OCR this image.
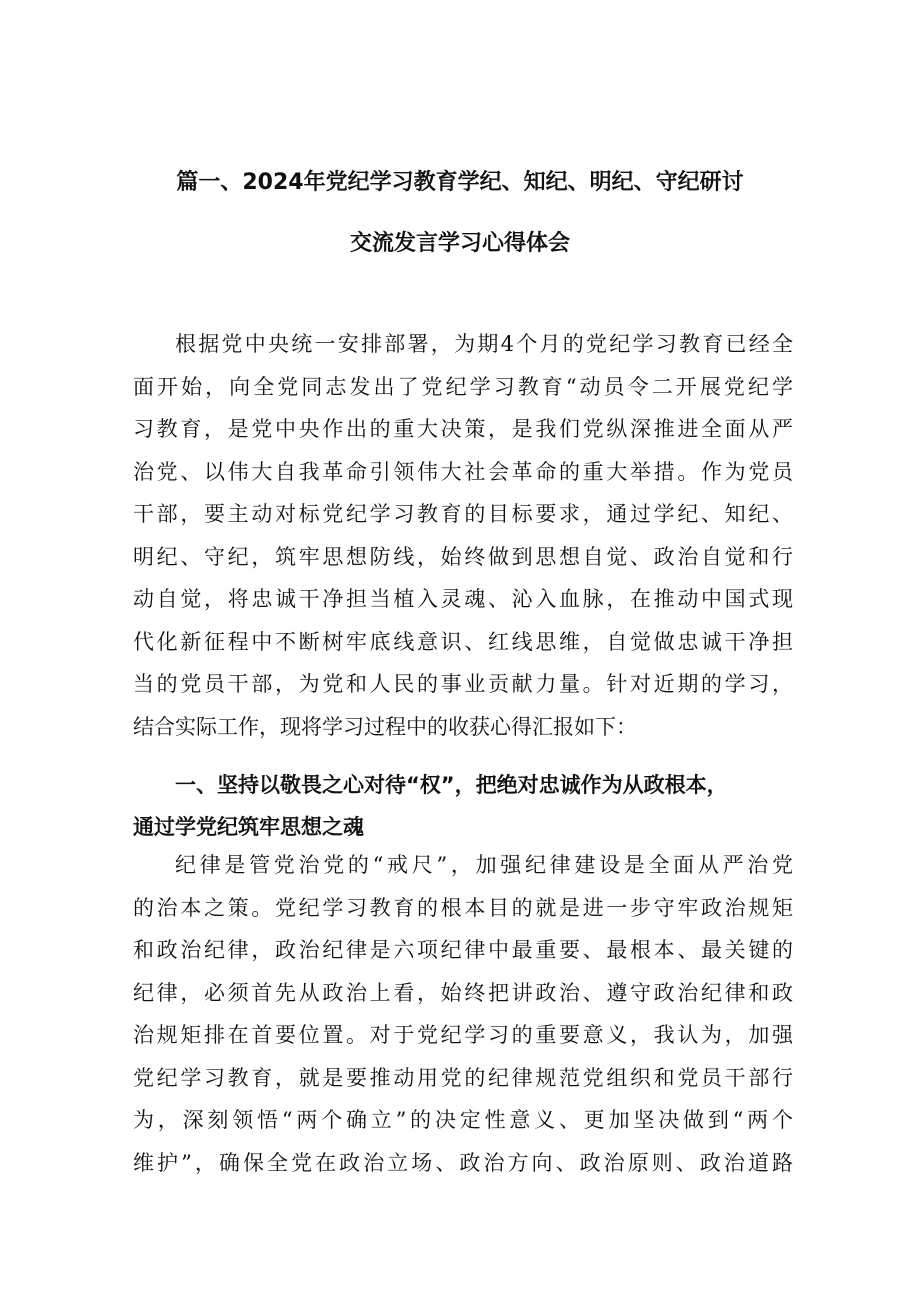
篇一、2024年党纪学习教育学纪、知纪、明纪、守纪研讨
交流发言学习心得体会
根据党中央统一安排部署，为期4个月的党纪学习教育已经全
面开始，向全党同志发出了党纪学习教育“动员令二开展党纪学
习教育，是党中央作出的重大决策，是我们党纵深推进全面从严
治党、以伟大自我革命引领伟大社会革命的重大举措。作为党员
干部，要主动对标党纪学习教育的目标要求，通过学纪、知纪、
明纪、守纪，筑牢思想防线，始终做到思想自觉、政治自觉和行
动自觉，将忠诚干净担当植入灵魂、沁入血脉，在推动中国式现
代化新征程中不断树牢底线意识、红线思维，自觉做忠诚干净担
当的党员干部，为党和人民的事业贡献力量。针对近期的学习，
结合实际工作，现将学习过程中的收获心得汇报如下：
一、坚持以敬畏之心对待“权”，把绝对忠诚作为从政根本，
通过学党纪筑牢思想之魂
纪律是管党治党的“戒尺”，加强纪律建设是全面从严治党
的治本之策。党纪学习教育的根本目的就是进一步守牢政治规矩
和政治纪律，政治纪律是六项纪律中最重要、最根本、最关键的
纪律，必须首先从政治上看，始终把讲政治、遵守政治纪律和政
治规矩排在首要位置。对于党纪学习的重要意义，我认为，加强
党纪学习教育，就是要推动用党的纪律规范党组织和党员干部行
为，深刻领悟“两个确立”的决定性意义、更加坚决做到“两个
维护”，确保全党在政治立场、政治方向、政治原则、政治道路
